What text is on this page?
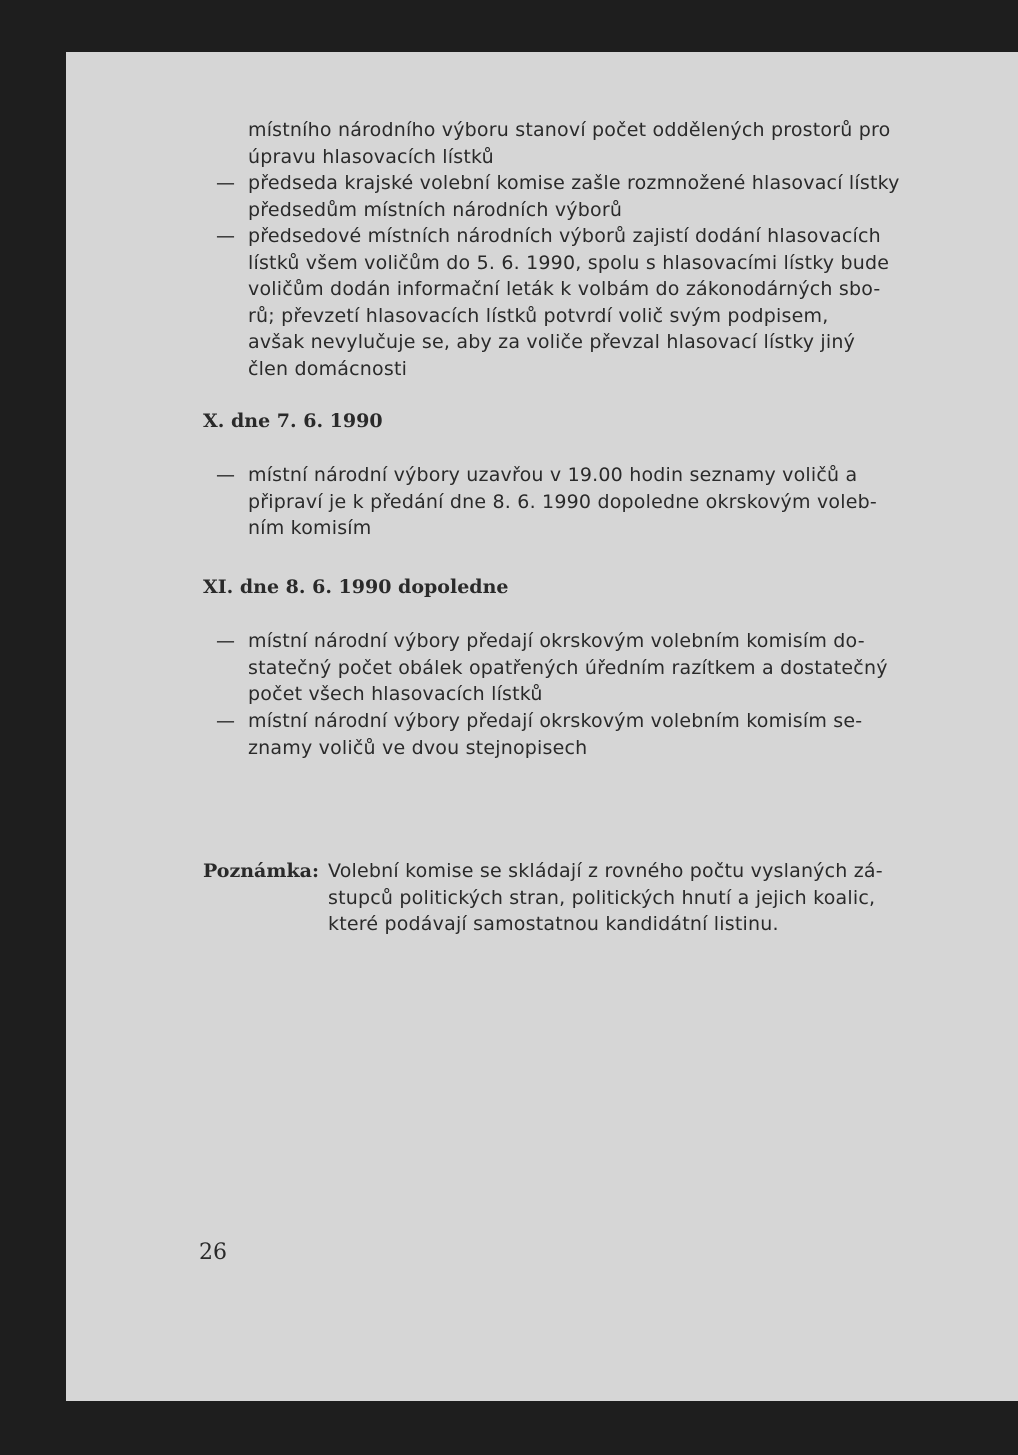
místního národního výboru stanoví počet oddělených prostorů pro
úpravu hlasovacích lístků
— předseda krajské volební komise zašle rozmnožené hlasovací lístky
předsedům místních národních výborů
— předsedové místních národních výborů zajistí dodání hlasovacích
lístků všem voličům do 5. 6. 1990, spolu s hlasovacími lístky bude
voličům dodán informační leták k volbám do zákonodárných sbo-
rů; převzetí hlasovacích lístků potvrdí volič svým podpisem,
avšak nevylučuje se, aby za voliče převzal hlasovací lístky jiný
člen domácnosti
X. dne 7. 6. 1990
— místní národní výbory uzavřou v 19.00 hodin seznamy voličů a
připraví je k předání dne 8. 6. 1990 dopoledne okrskovým voleb-
ním komisím
XI. dne 8. 6. 1990 dopoledne
— místní národní výbory předají okrskovým volebním komisím do-
statečný počet obálek opatřených úředním razítkem a dostatečný
počet všech hlasovacích lístků
— místní národní výbory předají okrskovým volebním komisím se-
znamy voličů ve dvou stejnopisech
Poznámka: Volební komise se skládají z rovného počtu vyslaných zá-
stupců politických stran, politických hnutí a jejich koalic,
které podávají samostatnou kandidátní listinu.
26
